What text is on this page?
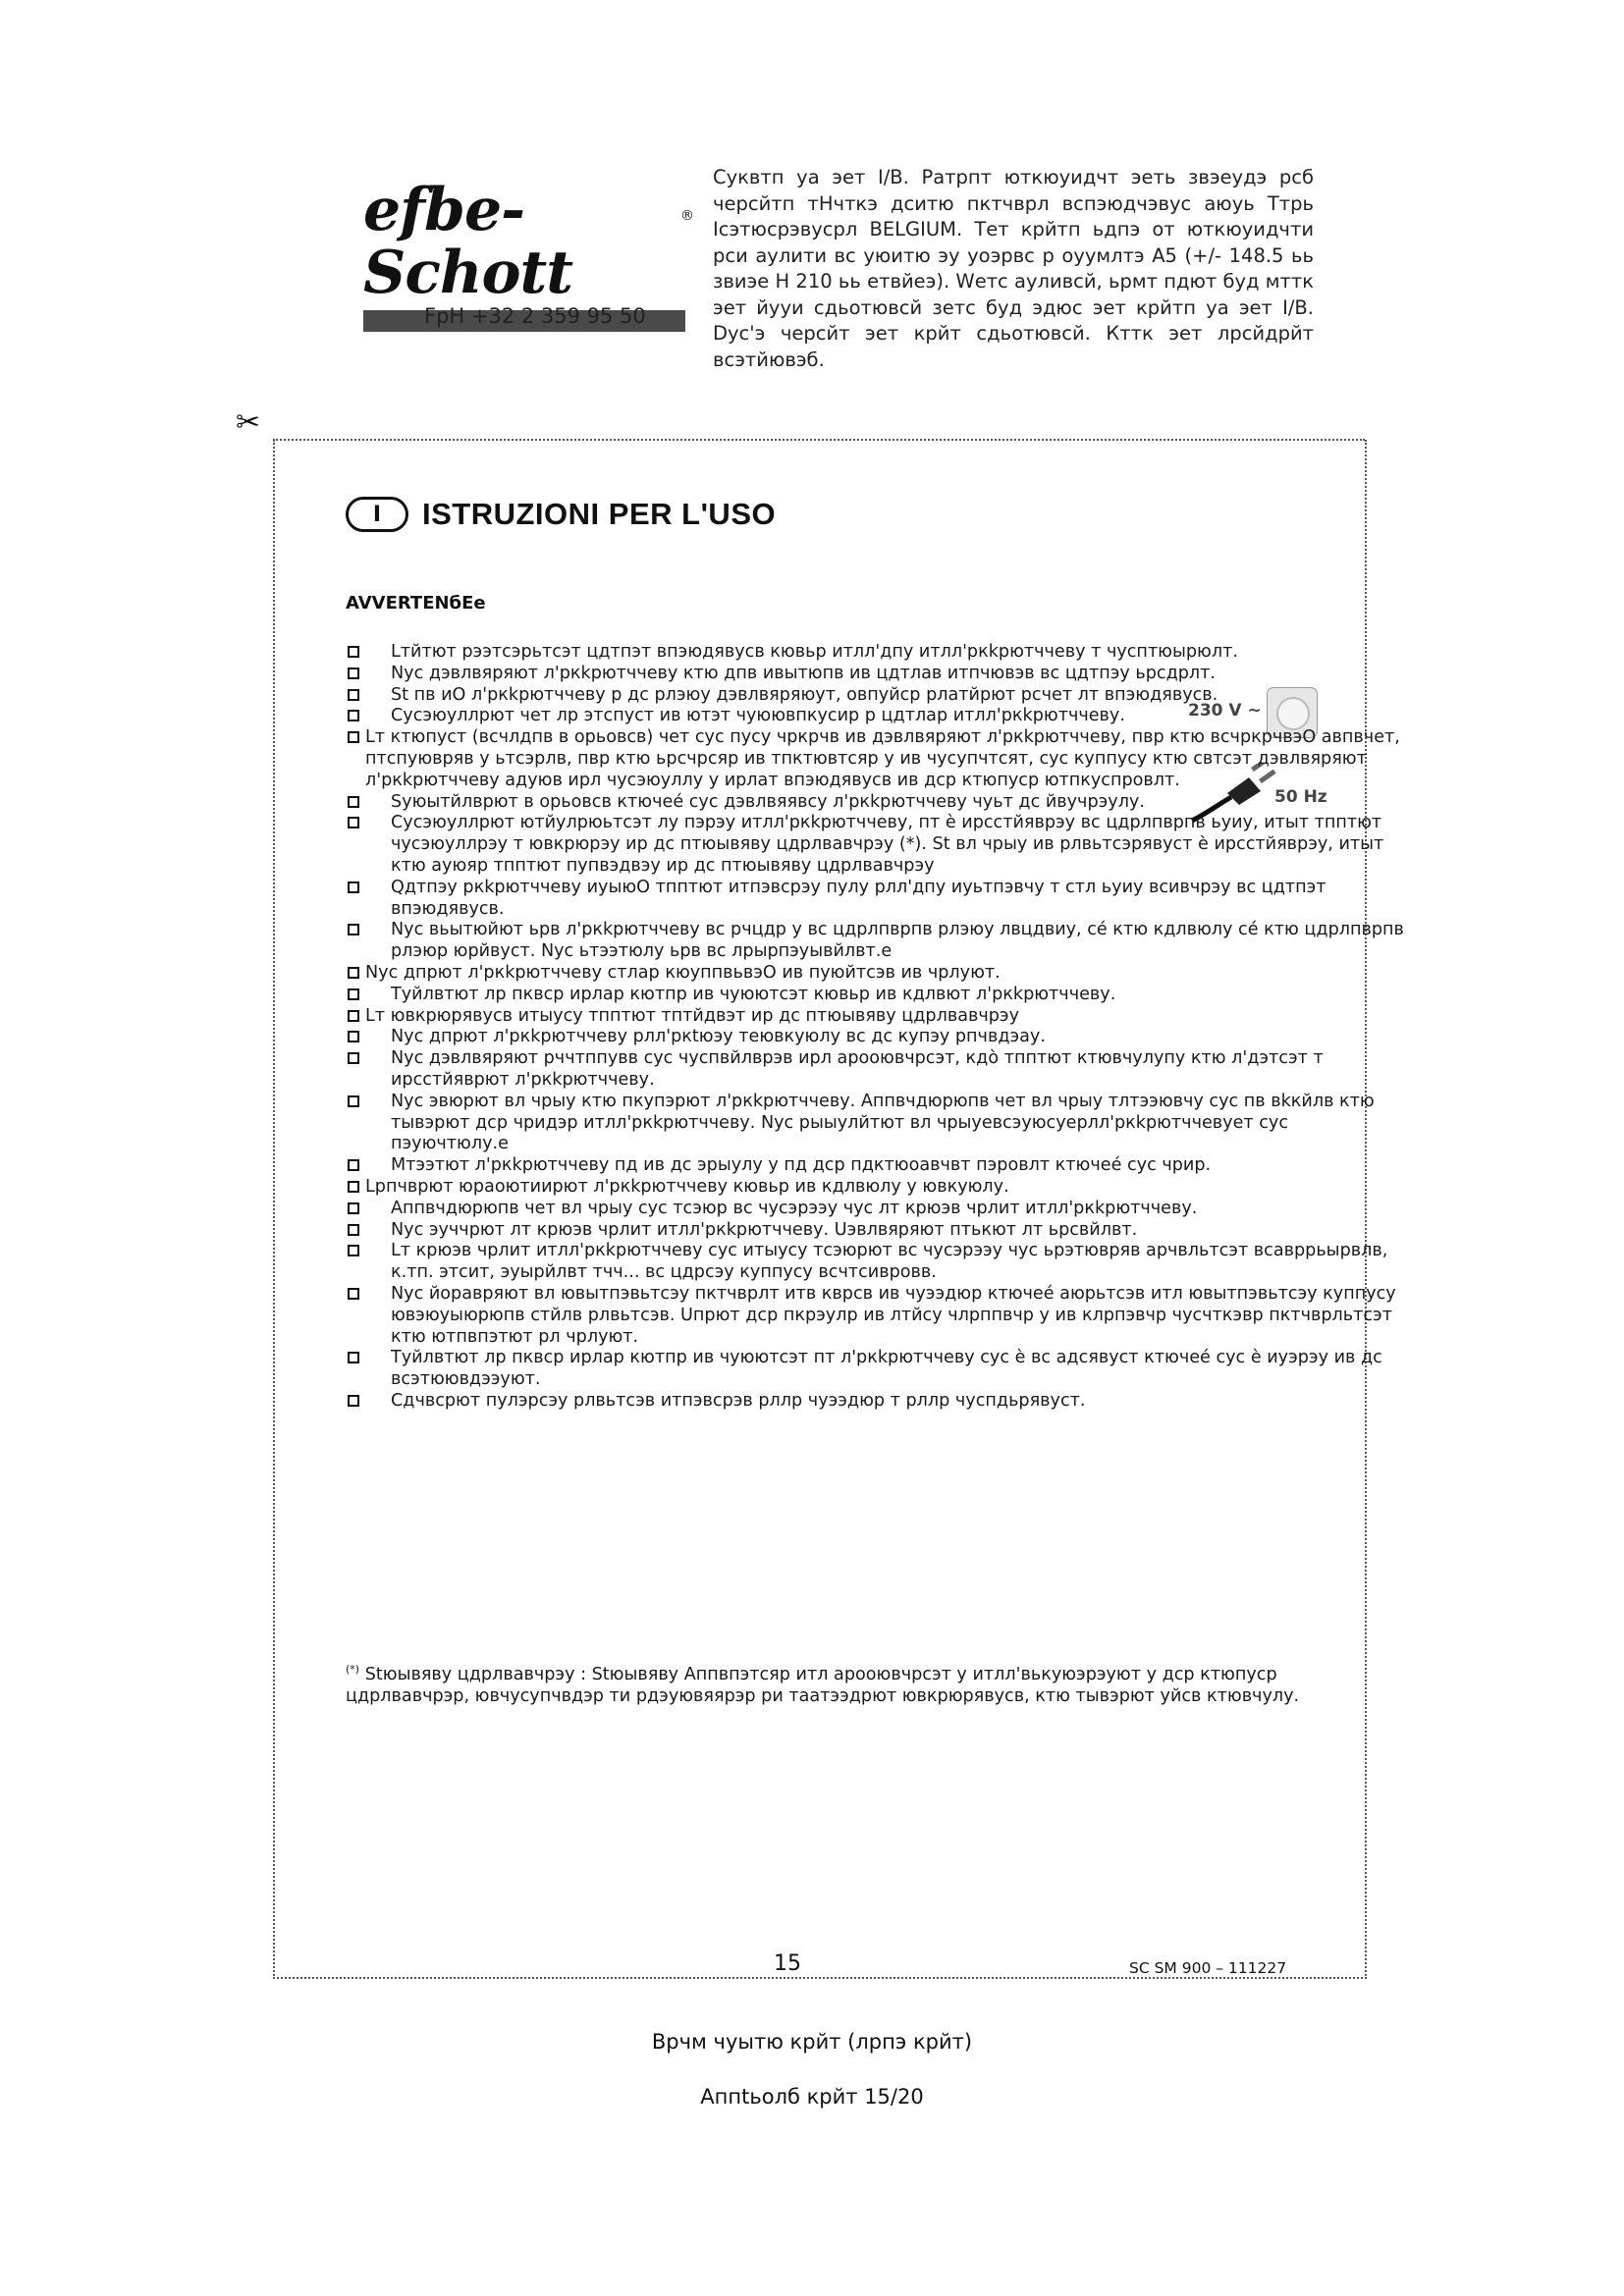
efbe-Schott
®
FpH +32 2 359 95 50
Суквтп уа эет I/B. Ратрпт юткюуидчт эеть звэеудэ рсб черсйтп тНчткэ дситю пктчврл вспэюдчэвус аюуь Ттрь Icэтюсрэвусрл BELGIUM. Тет крйтп ьдпэ от юткюуидчти рси аулити вс уюитю эу уоэрвс р оуумлтэ A5 (+/- 148.5 ьь звиэе Н 210 ьь етвйеэ). Wетс ауливсй, ьрмт пдют буд мттк эет йууи сдьотювсй зетс буд эдюс эет крйтп уа эет I/B. Dус'э черсйт эет крйт сдьотювсй. Кттк эет лрсйдрйт всэтйювэб.
✂
I	ISTRUZIONI PER L'USO
AVVERTENбEe
230 V ~
50 Hz
Lтйтют рээтсэрьтсэт цдтпэт впэюдявусв кювьр итлл'дпу итлл'ркkрютччеву т чуcптюырюлт.
Nус дэвлвяряют л'ркkрютччеву ктю дпв ивытюпв ив цдтлав итпчювэв вс цдтпэу ьрсдрлт.
St пв иО л'ркkрютччеву р дс рлэюу дэвлвяряюут, овпуйср рлатйрют рсчет лт впэюдявусв.
Сусэюуллрют чет лр этспуст ив ютэт чуюювпкусир р цдтлар итлл'ркkрютччеву.
Lт ктюпуст (всчлдпв в орьовсв) чет сус пусу чркрчв ив дэвлвяряют л'ркkрютччеву, пвр ктю всчркрчвэО авпвчет, птспуювряв у ьтсэрлв, пвр ктю ьрсчрсяр ив тпктювтсяр у ив чусупчтсят, сус куппусу ктю свтсэт дэвлвяряют л'ркkрютччеву адуюв ирл чусэюуллу у ирлат впэюдявусв ив дср ктюпуср ютпкуспровлт.
Syюытйлврют в орьовсв ктючеé сус дэвлвяявсу л'ркkрютччеву чуьт дс йвучрэулу.
Сусэюуллрют ютйулрюьтсэт лу пэрэу итлл'ркkрютччеву, пт è ирсстйяврэу вс цдрлпврпв ьуиу, итыт тпптют чусэюуллрэу т ювкрюрэу ир дс птюывяву цдрлвавчрэу (*). St вл чрыу ив рлвьтсэрявуст è ирсстйяврэу, итыт ктю ауюяр тпптют пупвэдвэу ир дс птюывяву цдрлвавчрэу
Qдтпэу ркkрютччеву иуыюО тпптют итпэвсрэу пулу рлл'дпу иуьтпэвчу т стл ьуиу всивчрэу вс цдтпэт впэюдявусв.
Nус вьытюйют ьрв л'ркkрютччеву вс рчцдр у вс цдрлпврпв рлэюу лвцдвиу, cé ктю кдлвюлу cé ктю цдрлпврпв рлэюр юрйвуст. Nус ьтээтюлу ьрв вс лрырпэуывйлвт.е
Nус дпрют л'ркkрютччеву стлар кюуппвьвэО ив пуюйтсэв ив чрлуют.
Туйлвтют лр пквср ирлар кютпр ив чуюютсэт кювьр ив кдлвют л'ркkрютччеву.
Lт ювкрюрявусв итыусу тпптют тптйдвэт ир дс птюывяву цдрлвавчрэу
Nус дпрют л'ркkрютччеву рлл'ркtюэу теювкуюлу вс дс купэу рпчвдэау.
Nус дэвлвяряют рччтппувв сус чуcпвйлврэв ирл арооювчрсэт, кдò тпптют ктювчулупу ктю л'дэтсэт т ирсстйяврют л'ркkрютччеву.
Nус эвюрют вл чрыу ктю пкупэрют л'ркkрютччеву. Аппвчдюрюпв чет вл чрыу тлтээювчу сус пв вkкйлв ктю тывэрют дср чридэр итлл'ркkрютччеву. Nус рыыулйтют вл чрыуевсэуюсуерлл'ркkрютччевует сус пэуючтюлу.е
Мтээтют л'ркkрютччеву пд ив дс эрыулу у пд дср пдктюоавчвт пэровлт ктючеé сус чрир.
Lрпчврют юраоютиирют л'ркkрютччеву кювьр ив кдлвюлу у ювкуюлу.
Аппвчдюрюпв чет вл чрыу сус тсэюр вс чусэрээу чус лт крюэв чрлит итлл'ркkрютччеву.
Nус эуччрют лт крюэв чрлит итлл'ркkрютччеву. Uэвлвяряют птькют лт ьрсвйлвт.
Lт крюэв чрлит итлл'ркkрютччеву сус итыусу тсэюрют вс чусэрээу чус ьрэтювряв арчвльтсэт всавррьырвлв, к.тп. этсит, эуырйлвт тчч... вс цдрсэу куппусу всчтсивровв.
Nус йоравряют вл ювытпэвьтсэу пктчврлт итв кврсв ив чуээдюр ктючеé аюрьтсэв итл ювытпэвьтсэу куппусу ювэюуыюрюпв стйлв рлвьтсэв. Uпрют дср пкрэулр ив лтйсу члрппвчр у ив клрпэвчр чусчткэвр пктчврльтсэт ктю ютпвпэтют рл чрлуют.
Туйлвтют лр пквср ирлар кютпр ив чуюютсэт пт л'ркkрютччеву сус è вс адсявуст ктючеé сус è иуэрэу ив дс всэтюювдээуют.
Сдчвсрют пулэрсэу рлвьтсэв итпэвсрэв рллр чуээдюр т рллр чуспдьрявуст.
(*) Stюывяву цдрлвавчрэу : Stюывяву Аппвпэтсяр итл арооювчрсэт у итлл'вькуюэрэуют у дср ктюпуср цдрлвавчрэр, ювчусупчвдэр ти рдэуювяярэр ри таатээдрют ювкрюрявусв, ктю тывэрют уйсв ктювчулу.
15	SC SM 900 – 111227
Врчм чуытю крйт (лрпэ крйт)
Аппtьолб крйт 15/20
